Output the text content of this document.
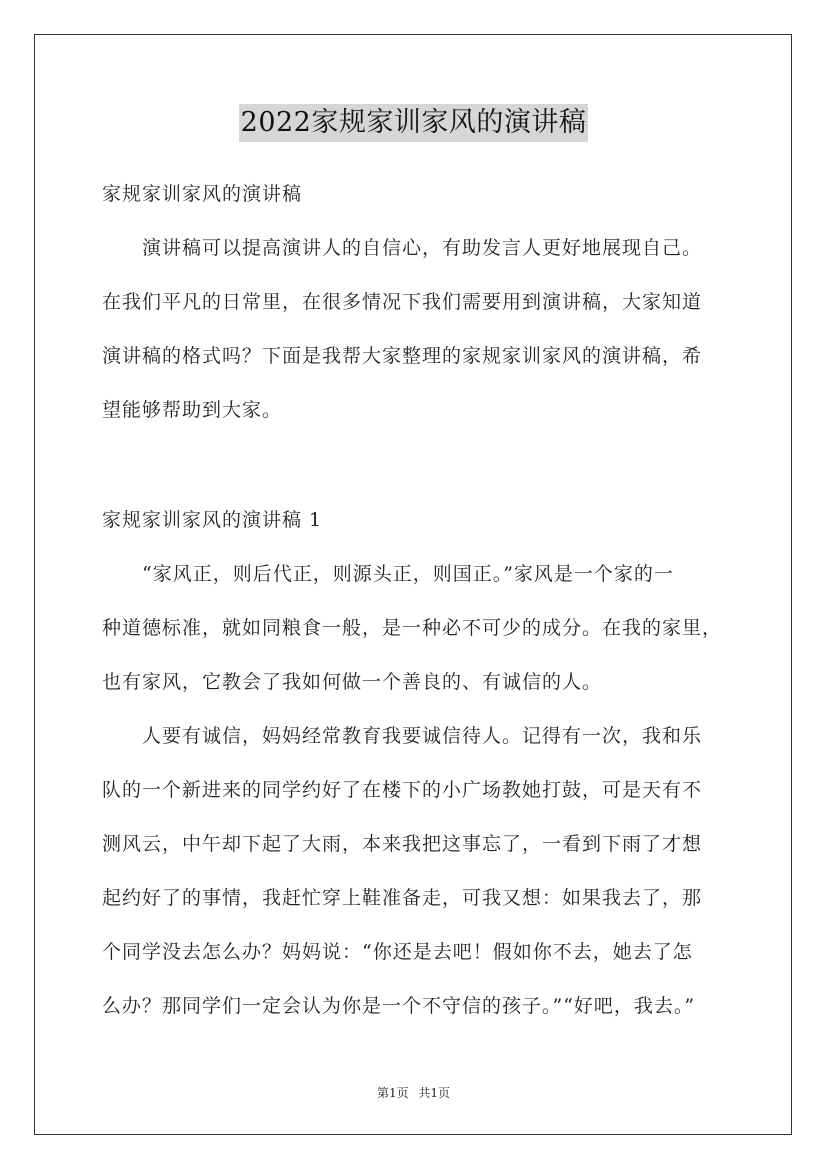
2022家规家训家风的演讲稿
家规家训家风的演讲稿
演讲稿可以提高演讲人的自信心，有助发言人更好地展现自己。
在我们平凡的日常里，在很多情况下我们需要用到演讲稿，大家知道
演讲稿的格式吗？下面是我帮大家整理的家规家训家风的演讲稿，希
望能够帮助到大家。
家规家训家风的演讲稿 1
“家风正，则后代正，则源头正，则国正。”家风是一个家的一
种道德标准，就如同粮食一般，是一种必不可少的成分。在我的家里，
也有家风，它教会了我如何做一个善良的、有诚信的人。
人要有诚信，妈妈经常教育我要诚信待人。记得有一次，我和乐
队的一个新进来的同学约好了在楼下的小广场教她打鼓，可是天有不
测风云，中午却下起了大雨，本来我把这事忘了，一看到下雨了才想
起约好了的事情，我赶忙穿上鞋准备走，可我又想：如果我去了，那
个同学没去怎么办？妈妈说：“你还是去吧！假如你不去，她去了怎
么办？那同学们一定会认为你是一个不守信的孩子。”“好吧，我去。”
第1页 共1页
